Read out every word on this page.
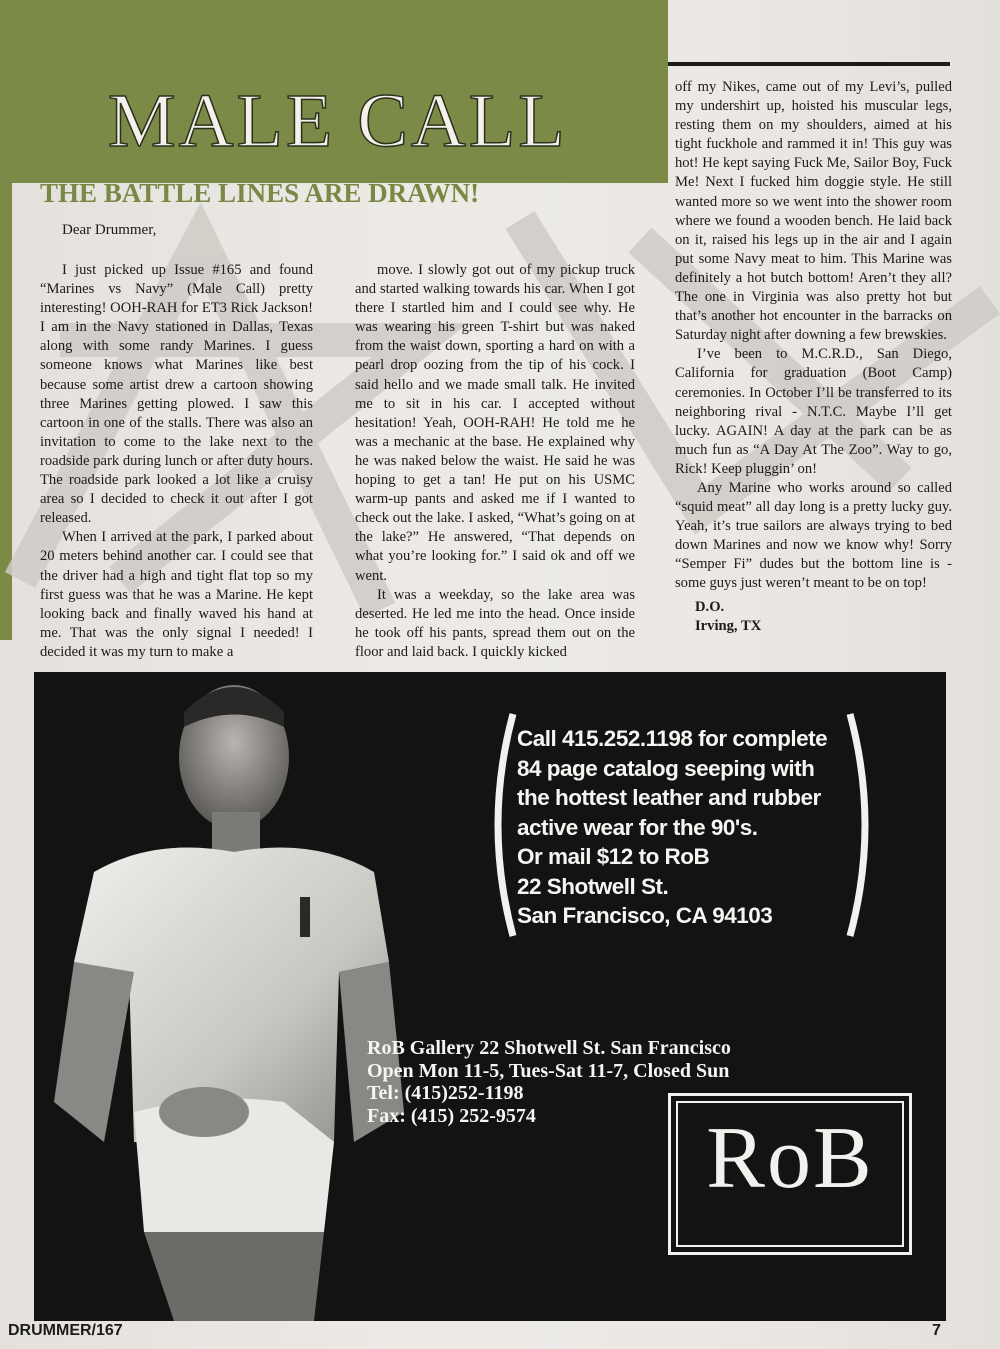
MALE CALL
THE BATTLE LINES ARE DRAWN!
Dear Drummer,

I just picked up Issue #165 and found “Marines vs Navy” (Male Call) pretty interesting! OOH-RAH for ET3 Rick Jackson! I am in the Navy stationed in Dallas, Texas along with some randy Marines. I guess someone knows what Marines like best because some artist drew a cartoon showing three Marines getting plowed. I saw this cartoon in one of the stalls. There was also an invitation to come to the lake next to the roadside park during lunch or after duty hours. The roadside park looked a lot like a cruisy area so I decided to check it out after I got released.

When I arrived at the park, I parked about 20 meters behind another car. I could see that the driver had a high and tight flat top so my first guess was that he was a Marine. He kept looking back and finally waved his hand at me. That was the only signal I needed! I decided it was my turn to make a

move. I slowly got out of my pickup truck and started walking towards his car. When I got there I startled him and I could see why. He was wearing his green T-shirt but was naked from the waist down, sporting a hard on with a pearl drop oozing from the tip of his cock. I said hello and we made small talk. He invited me to sit in his car. I accepted without hesitation! Yeah, OOH-RAH! He told me he was a mechanic at the base. He explained why he was naked below the waist. He said he was hoping to get a tan! He put on his USMC warm-up pants and asked me if I wanted to check out the lake. I asked, “What’s going on at the lake?” He answered, “That depends on what you’re looking for.” I said ok and off we went.

It was a weekday, so the lake area was deserted. He led me into the head. Once inside he took off his pants, spread them out on the floor and laid back. I quickly kicked

off my Nikes, came out of my Levi’s, pulled my undershirt up, hoisted his muscular legs, resting them on my shoulders, aimed at his tight fuckhole and rammed it in! This guy was hot! He kept saying Fuck Me, Sailor Boy, Fuck Me! Next I fucked him doggie style. He still wanted more so we went into the shower room where we found a wooden bench. He laid back on it, raised his legs up in the air and I again put some Navy meat to him. This Marine was definitely a hot butch bottom! Aren’t they all? The one in Virginia was also pretty hot but that’s another hot encounter in the barracks on Saturday night after downing a few brewskies.

I’ve been to M.C.R.D., San Diego, California for graduation (Boot Camp) ceremonies. In October I’ll be transferred to its neighboring rival - N.T.C. Maybe I’ll get lucky. AGAIN! A day at the park can be as much fun as “A Day At The Zoo”. Way to go, Rick! Keep pluggin’ on!

Any Marine who works around so called “squid meat” all day long is a pretty lucky guy. Yeah, it’s true sailors are always trying to bed down Marines and now we know why! Sorry “Semper Fi” dudes but the bottom line is - some guys just weren’t meant to be on top!

D.O.

Irving, TX

Call 415.252.1198 for complete
84 page catalog seeping with
the hottest leather and rubber
active wear for the 90's.
Or mail $12 to RoB
22 Shotwell St.
San Francisco, CA 94103
RoB Gallery 22 Shotwell St. San Francisco
Open Mon 11-5, Tues-Sat 11-7, Closed Sun
Tel: (415)252-1198
Fax: (415) 252-9574	RoB
DRUMMER/167	7
